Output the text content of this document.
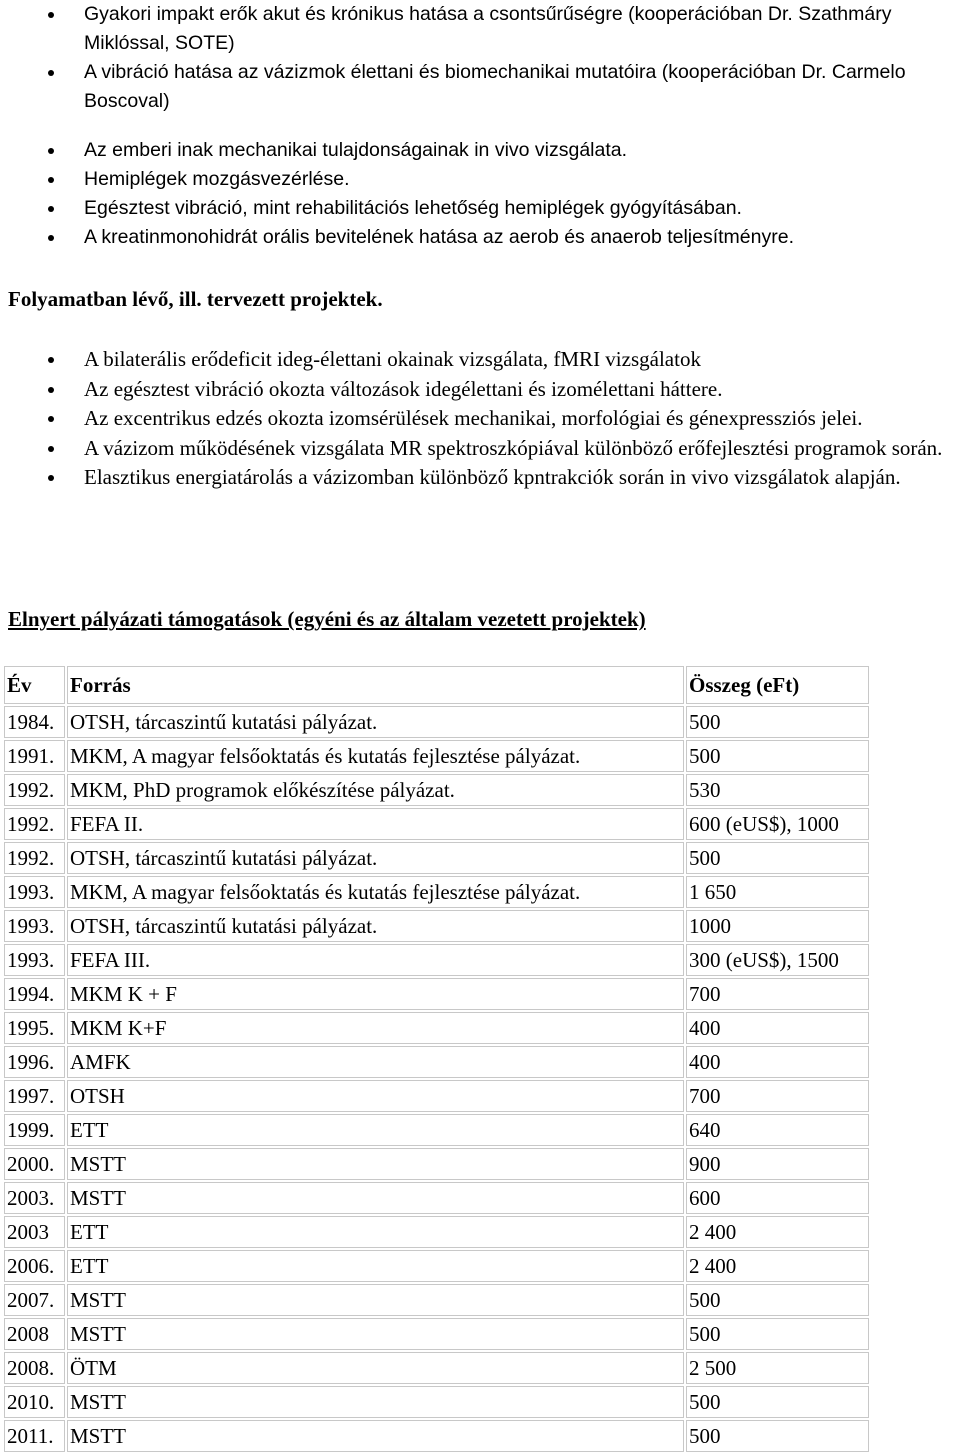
Gyakori impakt erők akut és krónikus hatása a csontsűrűségre (kooperációban Dr. Szathmáry Miklóssal, SOTE)
A vibráció hatása az vázizmok élettani és biomechanikai mutatóira (kooperációban Dr. Carmelo Boscoval)
Az emberi inak mechanikai tulajdonságainak in vivo vizsgálata.
Hemiplégek mozgásvezérlése.
Egésztest vibráció, mint rehabilitációs lehetőség hemiplégek gyógyításában.
A kreatinmonohidrát orális bevitelének hatása az aerob és anaerob teljesítményre.

Folyamatban lévő, ill. tervezett projektek.

A bilaterális erődeficit ideg-élettani okainak vizsgálata, fMRI vizsgálatok
Az egésztest vibráció okozta változások idegélettani és izomélettani háttere.
Az excentrikus edzés okozta izomsérülések mechanikai, morfológiai és génexpressziós jelei.
A vázizom működésének vizsgálata MR spektroszkópiával különböző erőfejlesztési programok során.
Elasztikus energiatárolás a vázizomban különböző kpntrakciók során in vivo vizsgálatok alapján.

Elnyert pályázati támogatások (egyéni és az általam vezetett projektek)

Év	Forrás	Összeg (eFt)
1984.	OTSH, tárcaszintű kutatási pályázat.	500
1991.	MKM, A magyar felsőoktatás és kutatás fejlesztése pályázat.	500
1992.	MKM, PhD programok előkészítése pályázat.	530
1992.	FEFA II.	600 (eUS$), 1000
1992.	OTSH, tárcaszintű kutatási pályázat.	500
1993.	MKM, A magyar felsőoktatás és kutatás fejlesztése pályázat.	1 650
1993.	OTSH, tárcaszintű kutatási pályázat.	1000
1993.	FEFA III.	300 (eUS$), 1500
1994.	MKM K + F	700
1995.	MKM K+F	400
1996.	AMFK	400
1997.	OTSH	700
1999.	ETT	640
2000.	MSTT	900
2003.	MSTT	600
2003	ETT	2 400
2006.	ETT	2 400
2007.	MSTT	500
2008	MSTT	500
2008.	ÖTM	2 500
2010.	MSTT	500
2011.	MSTT	500
